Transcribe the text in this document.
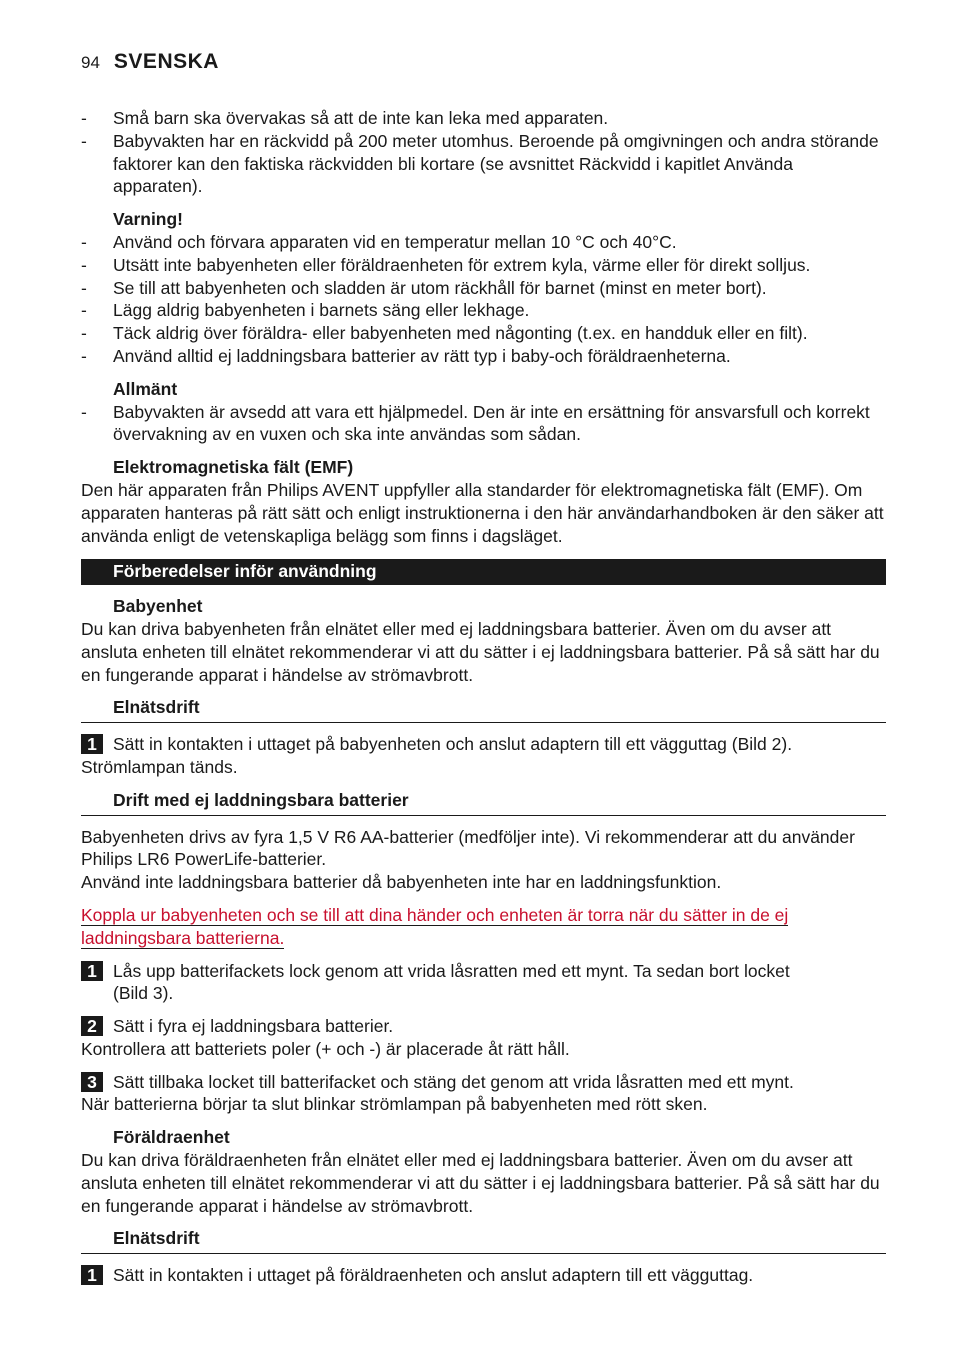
94 SVENSKA
-	Små barn ska övervakas så att de inte kan leka med apparaten.
-	Babyvakten har en räckvidd på 200 meter utomhus. Beroende på omgivningen och andra störande faktorer kan den faktiska räckvidden bli kortare (se avsnittet Räckvidd i kapitlet Använda apparaten).
Varning!
-	Använd och förvara apparaten vid en temperatur mellan 10 °C och 40°C.
-	Utsätt inte babyenheten eller föräldraenheten för extrem kyla, värme eller för direkt solljus.
-	Se till att babyenheten och sladden är utom räckhåll för barnet (minst en meter bort).
-	Lägg aldrig babyenheten i barnets säng eller lekhage.
-	Täck aldrig över föräldra- eller babyenheten med någonting (t.ex. en handduk eller en filt).
-	Använd alltid ej laddningsbara batterier av rätt typ i baby-och föräldraenheterna.
Allmänt
-	Babyvakten är avsedd att vara ett hjälpmedel. Den är inte en ersättning för ansvarsfull och korrekt övervakning av en vuxen och ska inte användas som sådan.
Elektromagnetiska fält (EMF)
Den här apparaten från Philips AVENT uppfyller alla standarder för elektromagnetiska fält (EMF). Om apparaten hanteras på rätt sätt och enligt instruktionerna i den här användarhandboken är den säker att använda enligt de vetenskapliga belägg som finns i dagsläget.
Förberedelser inför användning
Babyenhet
Du kan driva babyenheten från elnätet eller med ej laddningsbara batterier. Även om du avser att ansluta enheten till elnätet rekommenderar vi att du sätter i ej laddningsbara batterier. På så sätt har du en fungerande apparat i händelse av strömavbrott.
Elnätsdrift
1 Sätt in kontakten i uttaget på babyenheten och anslut adaptern till ett vägguttag (Bild 2).
Strömlampan tänds.
Drift med ej laddningsbara batterier
Babyenheten drivs av fyra 1,5 V R6 AA-batterier (medföljer inte). Vi rekommenderar att du använder Philips LR6 PowerLife-batterier.
Använd inte laddningsbara batterier då babyenheten inte har en laddningsfunktion.
Koppla ur babyenheten och se till att dina händer och enheten är torra när du sätter in de ej laddningsbara batterierna.
1 Lås upp batterifackets lock genom att vrida låsratten med ett mynt. Ta sedan bort locket (Bild 3).
2 Sätt i fyra ej laddningsbara batterier.
Kontrollera att batteriets poler (+ och -) är placerade åt rätt håll.
3 Sätt tillbaka locket till batterifacket och stäng det genom att vrida låsratten med ett mynt.
När batterierna börjar ta slut blinkar strömlampan på babyenheten med rött sken.
Föräldraenhet
Du kan driva föräldraenheten från elnätet eller med ej laddningsbara batterier. Även om du avser att ansluta enheten till elnätet rekommenderar vi att du sätter i ej laddningsbara batterier. På så sätt har du en fungerande apparat i händelse av strömavbrott.
Elnätsdrift
1 Sätt in kontakten i uttaget på föräldraenheten och anslut adaptern till ett vägguttag.
